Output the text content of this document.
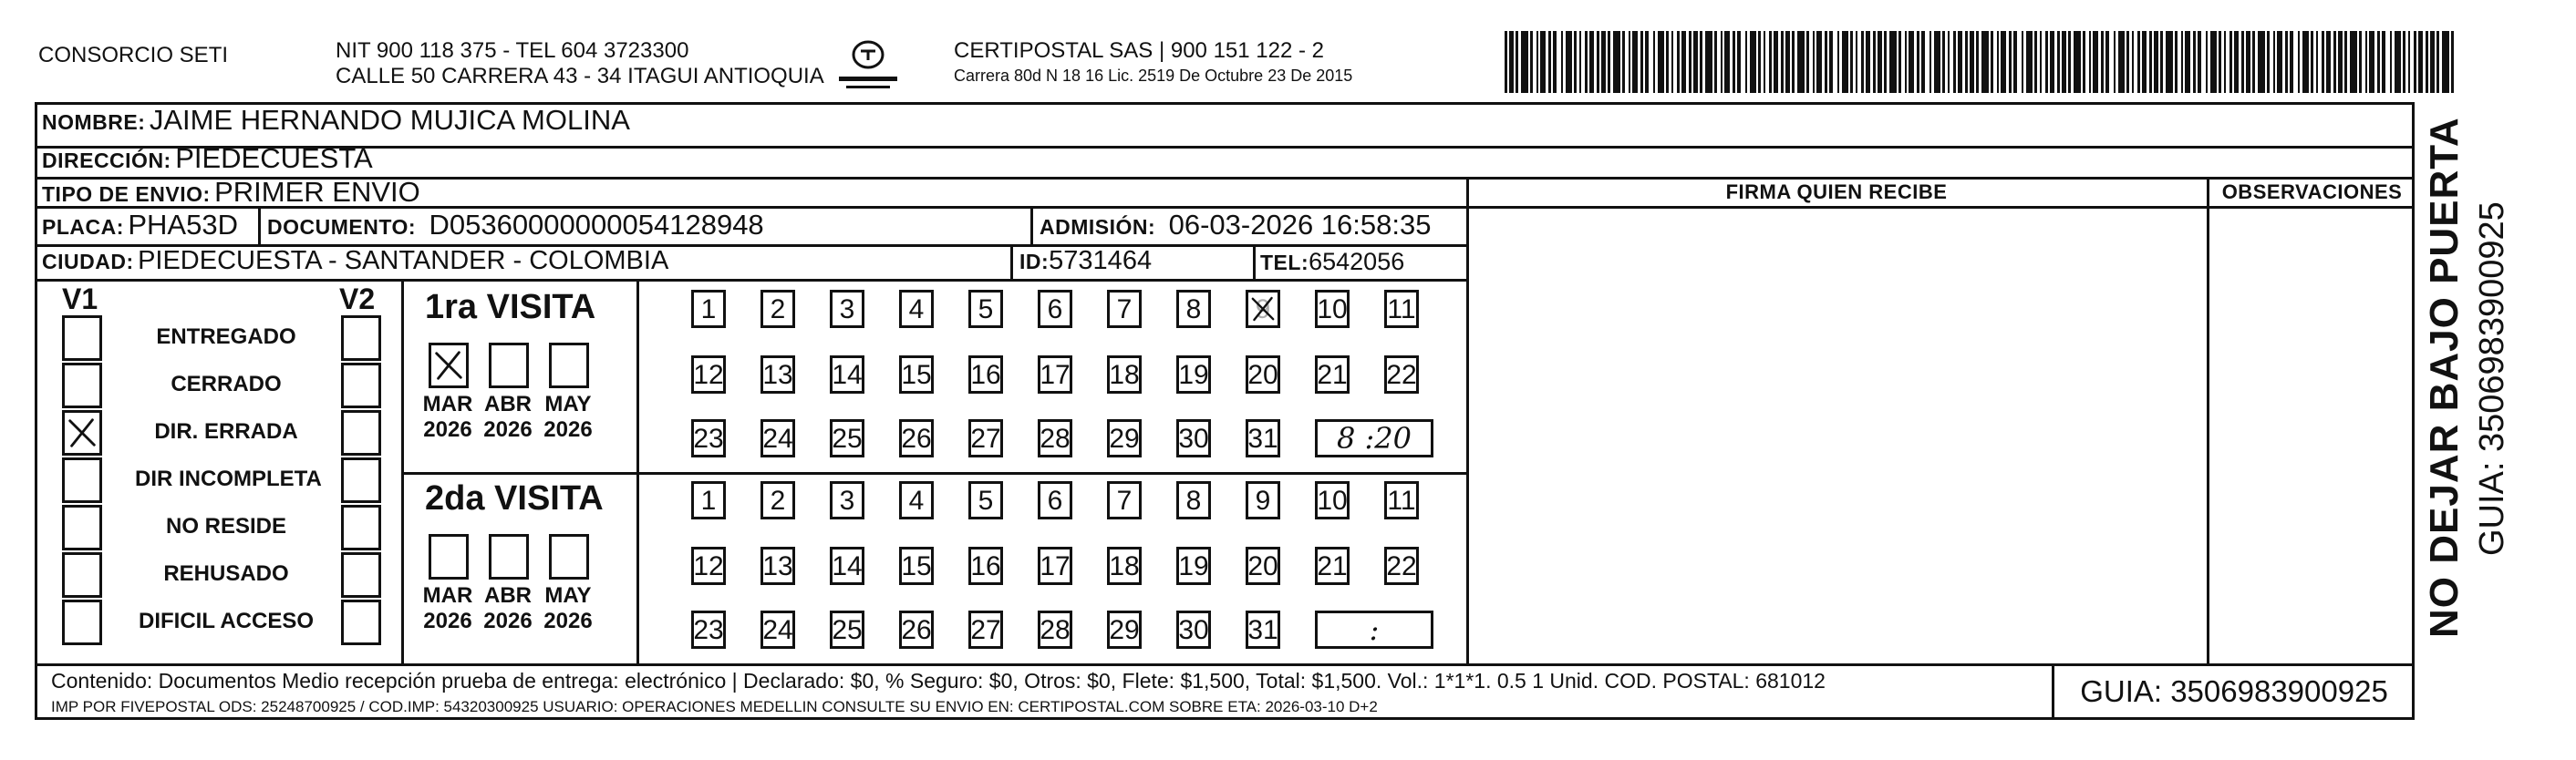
CONSORCIO SETI	NIT 900 118 375 - TEL 604 3723300
CALLE 50 CARRERA 43 - 34 ITAGUI ANTIOQUIA
CERTIPOSTAL SAS | 900 151 122 - 2
Carrera 80d N 18 16 Lic. 2519 De Octubre 23 De 2015
NOMBRE: JAIME HERNANDO MUJICA MOLINA
DIRECCIÓN: PIEDECUESTA
TIPO DE ENVIO: PRIMER ENVIO
PLACA: PHA53D DOCUMENTO: D05360000000054128948	ADMISIÓN: 06-03-2026 16:58:35
CIUDAD: PIEDECUESTA - SANTANDER - COLOMBIA	ID:5731464	TEL:6542056
FIRMA QUIEN RECIBE	OBSERVACIONES
V1	V2
ENTREGADO
CERRADO
DIR. ERRADA
DIR INCOMPLETA
NO RESIDE
REHUSADO
DIFICIL ACCESO
1ra VISITA
2da VISITA
MAR
2026
ABR
2026
MAY
2026
1 2 3 4 5 6 7 8 9 10 11
12 13 14 15 16 17 18 19 20 21 22
23 24 25 26 27 28 29 30 31	8 :20
MAR
2026
ABR
2026
MAY
2026
1 2 3 4 5 6 7 8 9 10 11
12 13 14 15 16 17 18 19 20 21 22
23 24 25 26 27 28 29 30 31	:
Contenido: Documentos Medio recepción prueba de entrega: electrónico | Declarado: $0, % Seguro: $0, Otros: $0, Flete: $1,500, Total: $1,500. Vol.: 1*1*1. 0.5 1 Unid. COD. POSTAL: 681012
IMP POR FIVEPOSTAL ODS: 25248700925 / COD.IMP: 54320300925 USUARIO: OPERACIONES MEDELLIN CONSULTE SU ENVIO EN: CERTIPOSTAL.COM SOBRE ETA: 2026-03-10 D+2	GUIA: 3506983900925
NO DEJAR BAJO PUERTA GUIA: 3506983900925
